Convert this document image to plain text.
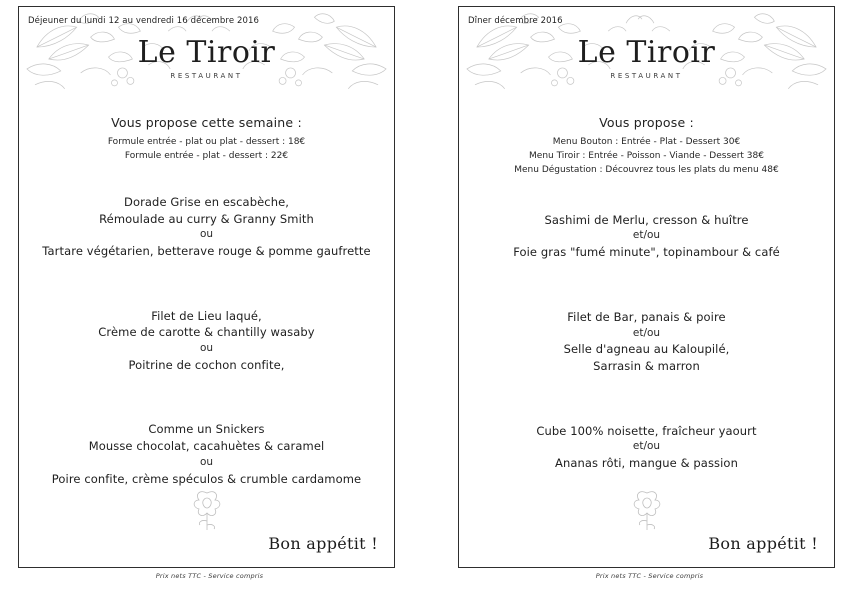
Déjeuner du lundi 12 au vendredi 16 décembre 2016
Le Tiroir
RESTAURANT
Vous propose cette semaine :
Formule entrée - plat ou plat - dessert : 18€
Formule entrée - plat - dessert : 22€
Dorade Grise en escabèche,
Rémoulade au curry & Granny Smith
ou
Tartare végétarien, betterave rouge & pomme gaufrette
Filet de Lieu laqué,
Crème de carotte & chantilly wasaby
ou
Poitrine de cochon confite,
Comme un Snickers
Mousse chocolat, cacahuètes & caramel
ou
Poire confite, crème spéculos & crumble cardamome
Bon appétit !
Prix nets TTC - Service compris
Dîner décembre 2016
Le Tiroir
RESTAURANT
Vous propose :
Menu Bouton : Entrée - Plat - Dessert 30€
Menu Tiroir : Entrée - Poisson - Viande - Dessert 38€
Menu Dégustation : Découvrez tous les plats du menu 48€
Sashimi de Merlu, cresson & huître
et/ou
Foie gras "fumé minute", topinambour & café
Filet de Bar, panais & poire
et/ou
Selle d'agneau au Kaloupilé,
Sarrasin & marron
Cube 100% noisette, fraîcheur yaourt
et/ou
Ananas rôti, mangue & passion
Bon appétit !
Prix nets TTC - Service compris
